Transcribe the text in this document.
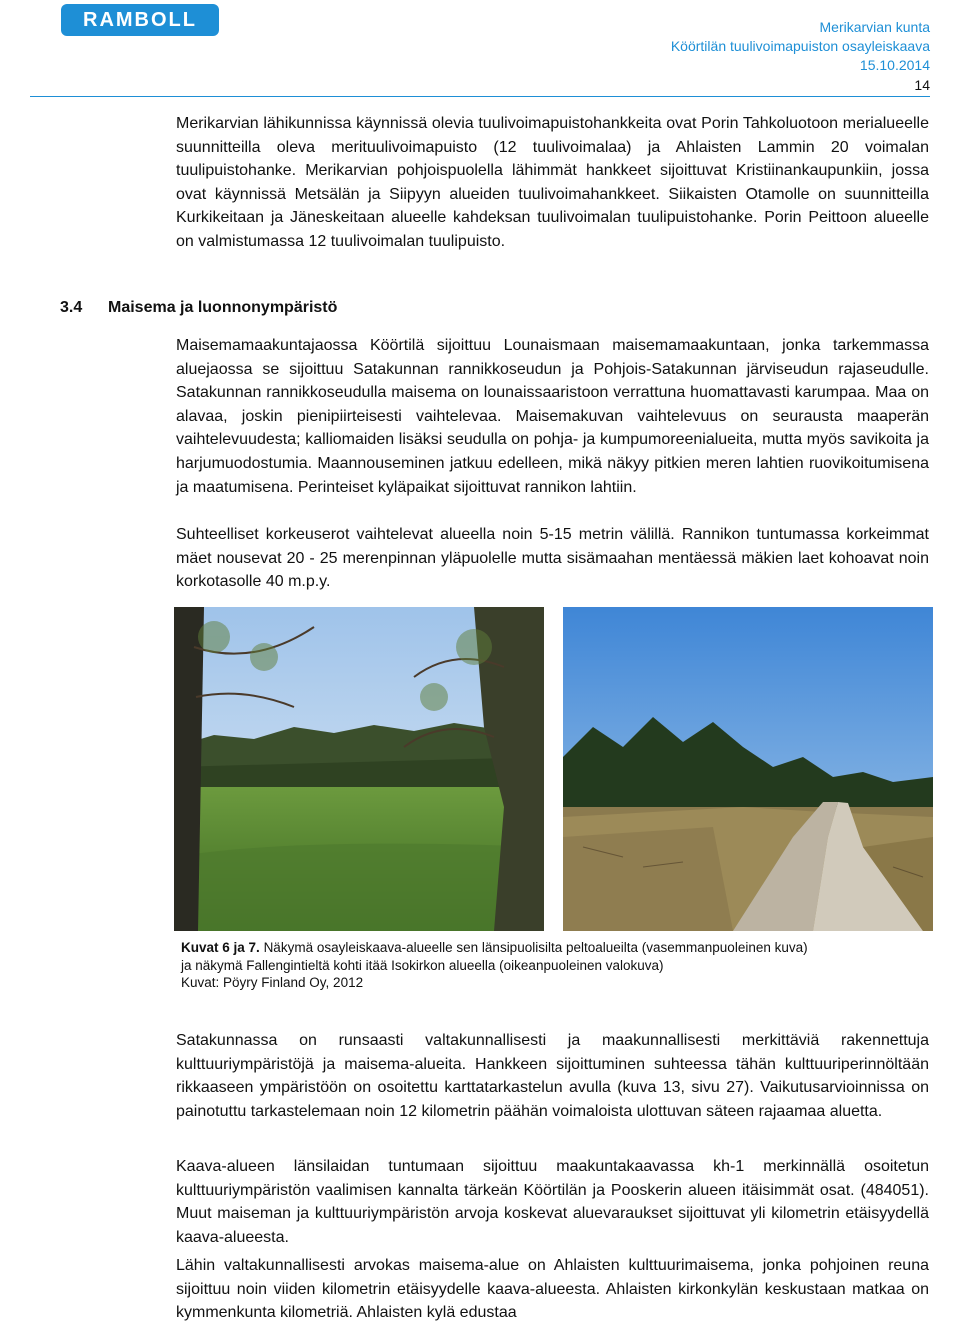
RAMBOLL	Merikarvian kunta
Köörtilän tuulivoimapuiston osayleiskaava
15.10.2014
14

Merikarvian lähikunnissa käynnissä olevia tuulivoimapuistohankkeita ovat Porin Tahkoluotoon merialueelle suunnitteilla oleva merituulivoimapuisto (12 tuulivoimalaa) ja Ahlaisten Lammin 20 voimalan tuulipuistohanke. Merikarvian pohjoispuolella lähimmät hankkeet sijoittuvat Kristiinankaupunkiin, jossa ovat käynnissä Metsälän ja Siipyyn alueiden tuulivoimahankkeet. Siikaisten Otamolle on suunnitteilla Kurkikeitaan ja Jäneskeitaan alueelle kahdeksan tuulivoimalan tuulipuistohanke. Porin Peittoon alueelle on valmistumassa 12 tuulivoimalan tuulipuisto.

3.4 Maisema ja luonnonympäristö

Maisemamaakuntajaossa Köörtilä sijoittuu Lounaismaan maisemamaakuntaan, jonka tarkemmassa aluejaossa se sijoittuu Satakunnan rannikkoseudun ja Pohjois-Satakunnan järviseudun rajaseudulle. Satakunnan rannikkoseudulla maisema on lounaissaaristoon verrattuna huomattavasti karumpaa. Maa on alavaa, joskin pienipiirteisesti vaihtelevaa. Maisemakuvan vaihtelevuus on seurausta maaperän vaihtelevuudesta; kalliomaiden lisäksi seudulla on pohja- ja kumpumoreenialueita, mutta myös savikoita ja harjumuodostumia. Maannouseminen jatkuu edelleen, mikä näkyy pitkien meren lahtien ruovikoitumisena ja maatumisena. Perinteiset kyläpaikat sijoittuvat rannikon lahtiin.

Suhteelliset korkeuserot vaihtelevat alueella noin 5-15 metrin välillä. Rannikon tuntumassa korkeimmat mäet nousevat 20 - 25 merenpinnan yläpuolelle mutta sisämaahan mentäessä mäkien laet kohoavat noin korkotasolle 40 m.p.y.

Kuvat 6 ja 7. Näkymä osayleiskaava-alueelle sen länsipuolisilta peltoalueilta (vasemmanpuoleinen kuva)
ja näkymä Fallengintieltä kohti itää Isokirkon alueella (oikeanpuoleinen valokuva)
Kuvat: Pöyry Finland Oy, 2012

Satakunnassa on runsaasti valtakunnallisesti ja maakunnallisesti merkittäviä rakennettuja kulttuuriympäristöjä ja maisema-alueita. Hankkeen sijoittuminen suhteessa tähän kulttuuriperinnöltään rikkaaseen ympäristöön on osoitettu karttatarkastelun avulla (kuva 13, sivu 27). Vaikutusarvioinnissa on painotuttu tarkastelemaan noin 12 kilometrin päähän voimaloista ulottuvan säteen rajaamaa aluetta.

Kaava-alueen länsilaidan tuntumaan sijoittuu maakuntakaavassa kh-1 merkinnällä osoitetun kulttuuriympäristön vaalimisen kannalta tärkeän Köörtilän ja Pooskerin alueen itäisimmät osat. (484051). Muut maiseman ja kulttuuriympäristön arvoja koskevat aluevaraukset sijoittuvat yli kilometrin etäisyydellä kaava-alueesta.

Lähin valtakunnallisesti arvokas maisema-alue on Ahlaisten kulttuurimaisema, jonka pohjoinen reuna sijoittuu noin viiden kilometrin etäisyydelle kaava-alueesta. Ahlaisten kirkonkylän keskustaan matkaa on kymmenkunta kilometriä. Ahlaisten kylä edustaa
